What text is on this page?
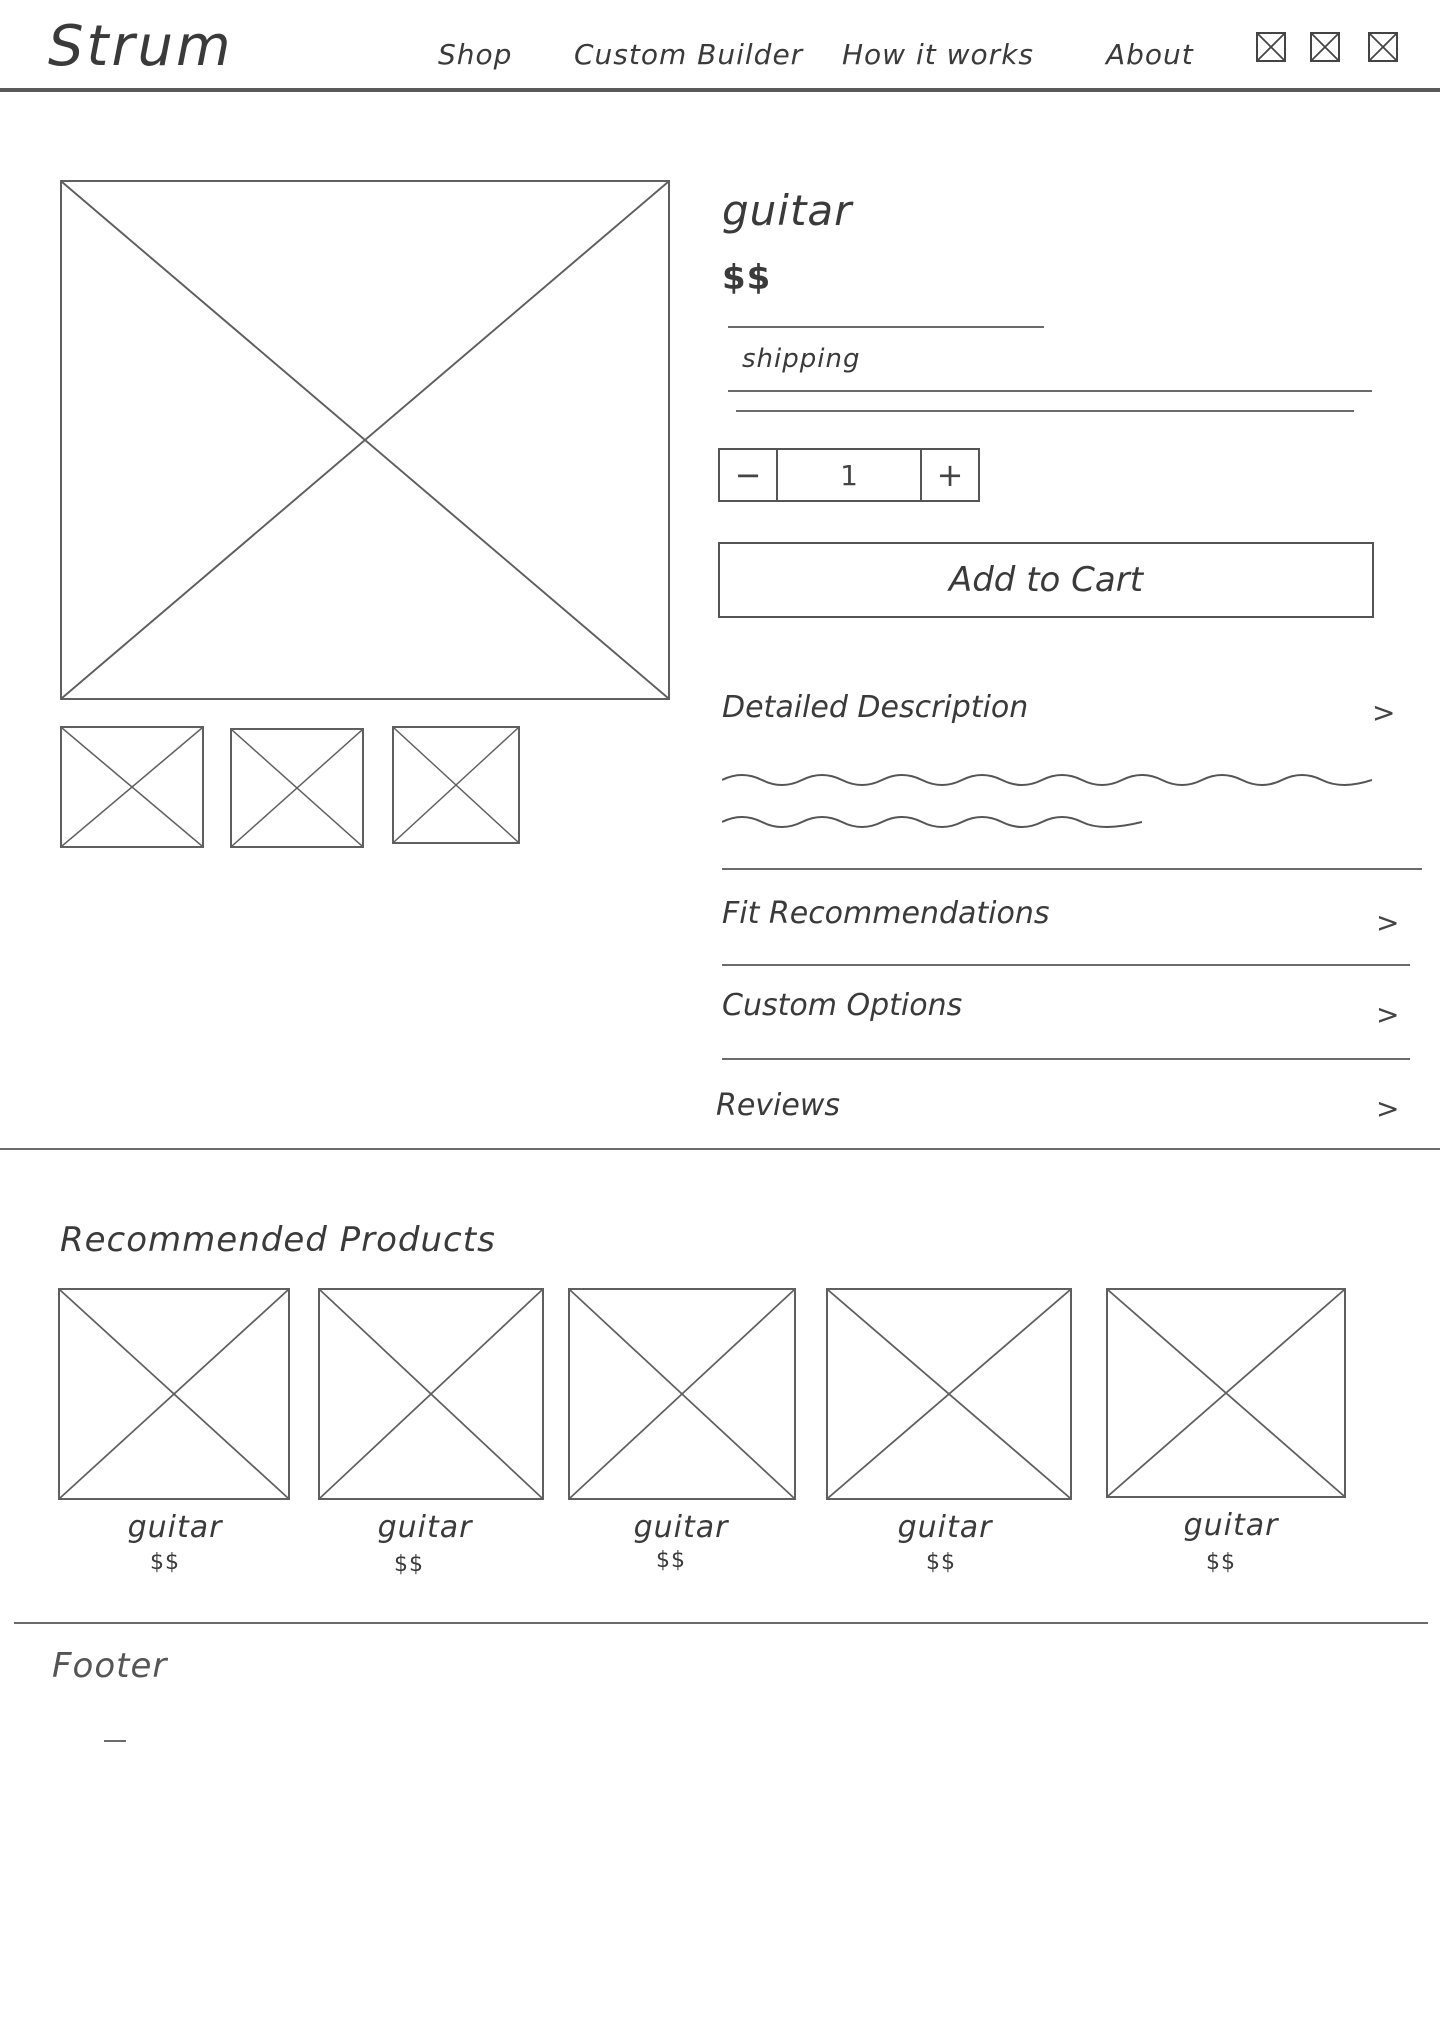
Strum	Shop Custom Builder How it works	About
guitar
$$
shipping
−
1	+
Add to Cart
Detailed Description	>
Fit Recommendations	>
Custom Options	>
Reviews	>
Recommended Products
guitar
$$
guitar
$$
guitar
$$
guitar
$$
guitar
$$
Footer
